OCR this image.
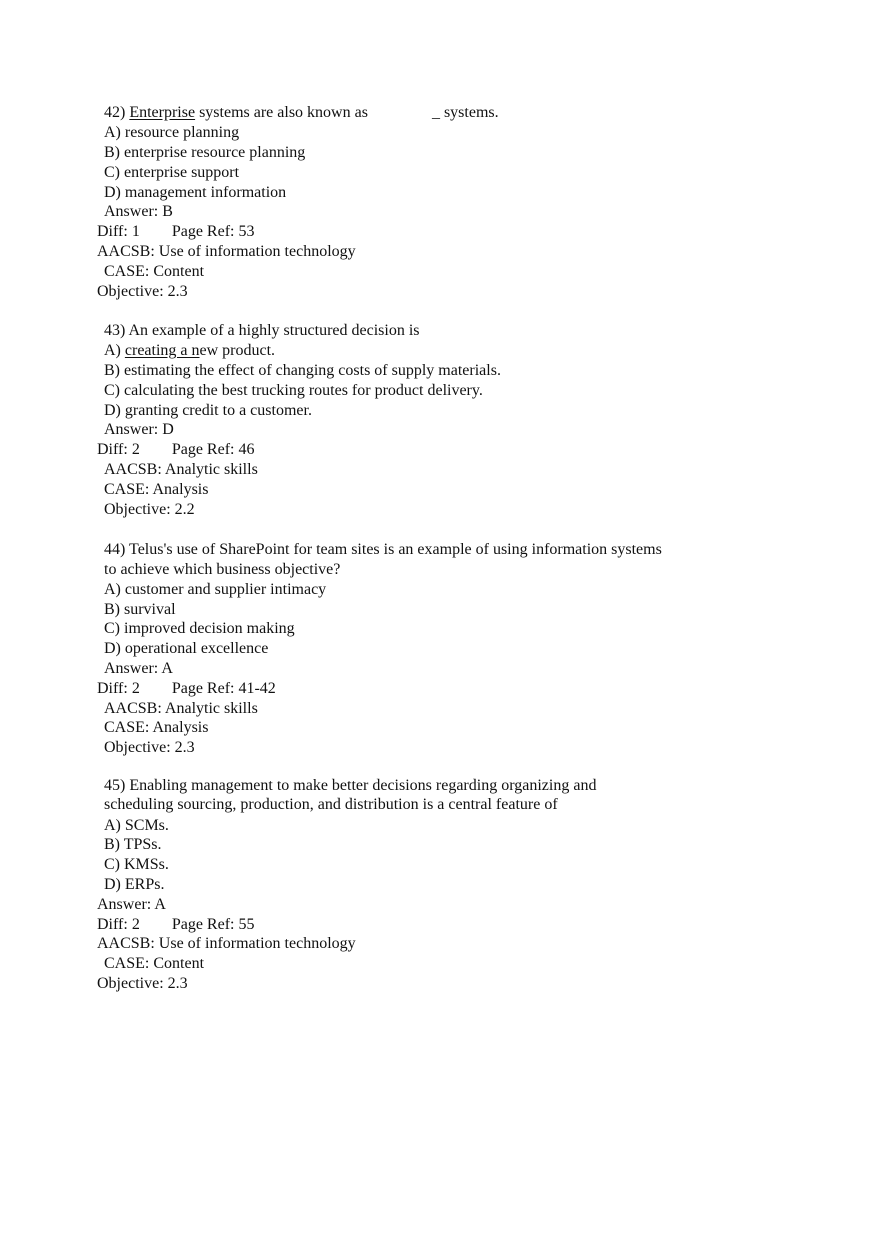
42) Enterprise systems are also known as	_ systems.
A) resource planning
B) enterprise resource planning
C) enterprise support
D) management information
Answer: B
Diff: 1 Page Ref: 53
AACSB: Use of information technology
CASE: Content
Objective: 2.3
43) An example of a highly structured decision is
A) creating a new product.
B) estimating the effect of changing costs of supply materials.
C) calculating the best trucking routes for product delivery.
D) granting credit to a customer.
Answer: D
Diff: 2 Page Ref: 46
AACSB: Analytic skills
CASE: Analysis
Objective: 2.2
44) Telus's use of SharePoint for team sites is an example of using information systems
to achieve which business objective?
A) customer and supplier intimacy
B) survival
C) improved decision making
D) operational excellence
Answer: A
Diff: 2 Page Ref: 41-42
AACSB: Analytic skills
CASE: Analysis
Objective: 2.3
45) Enabling management to make better decisions regarding organizing and
scheduling sourcing, production, and distribution is a central feature of
A) SCMs.
B) TPSs.
C) KMSs.
D) ERPs.
Answer: A
Diff: 2 Page Ref: 55
AACSB: Use of information technology
CASE: Content
Objective: 2.3
